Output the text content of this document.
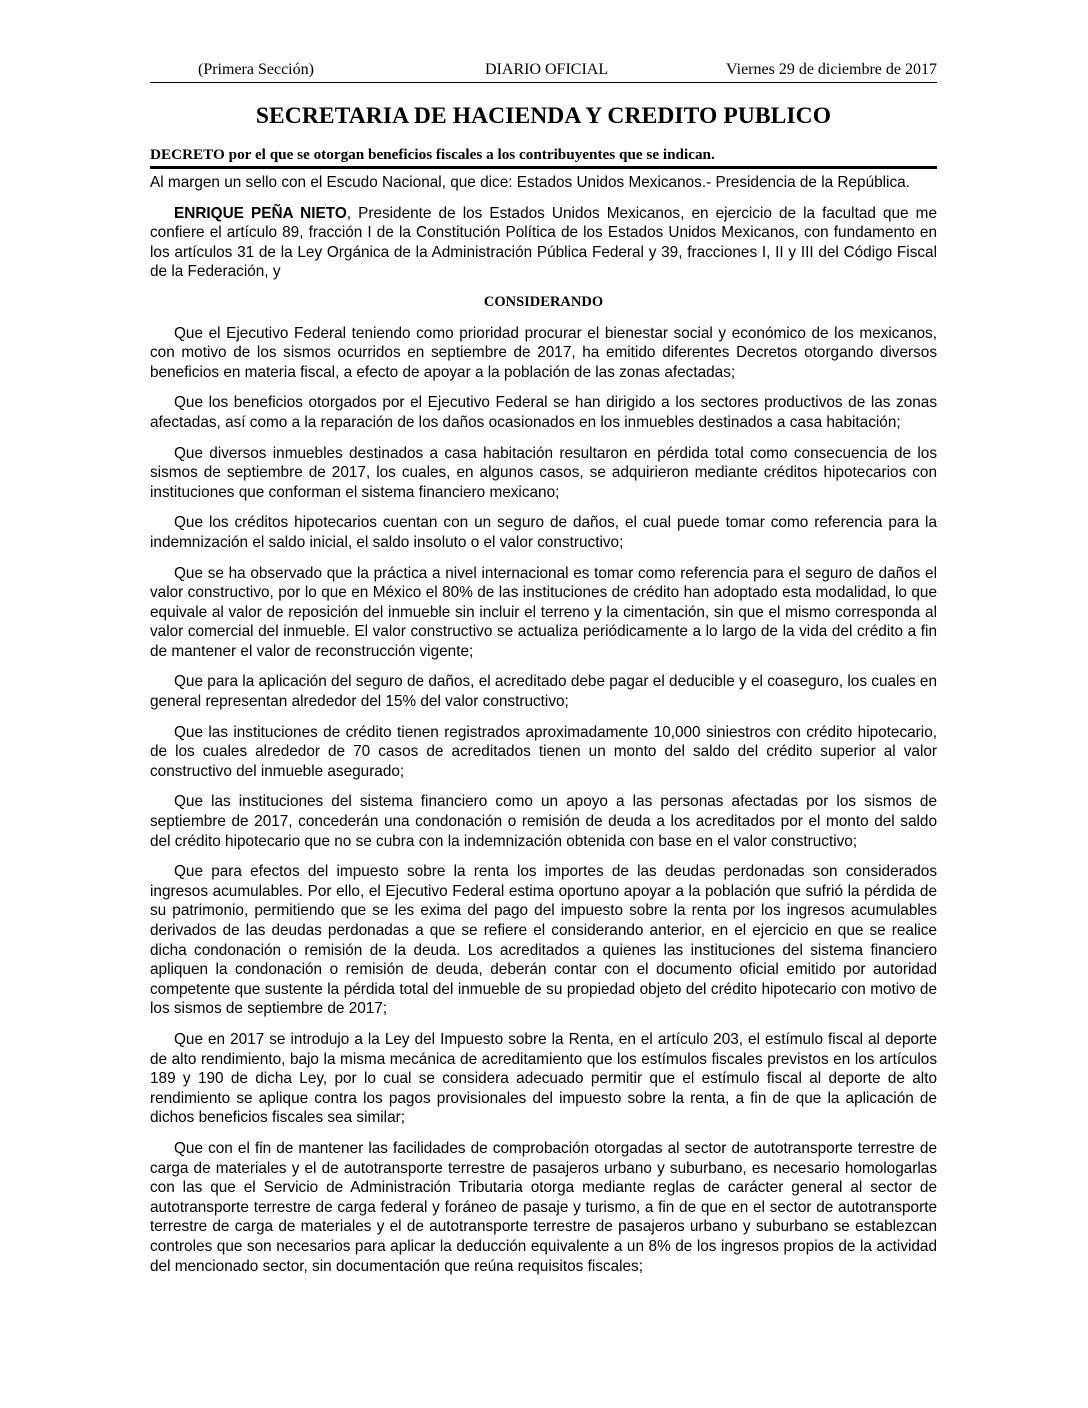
(Primera Sección)	DIARIO OFICIAL	Viernes 29 de diciembre de 2017
SECRETARIA DE HACIENDA Y CREDITO PUBLICO
DECRETO por el que se otorgan beneficios fiscales a los contribuyentes que se indican.

Al margen un sello con el Escudo Nacional, que dice: Estados Unidos Mexicanos.- Presidencia de la República.

ENRIQUE PEÑA NIETO, Presidente de los Estados Unidos Mexicanos, en ejercicio de la facultad que me confiere el artículo 89, fracción I de la Constitución Política de los Estados Unidos Mexicanos, con fundamento en los artículos 31 de la Ley Orgánica de la Administración Pública Federal y 39, fracciones I, II y III del Código Fiscal de la Federación, y

CONSIDERANDO

Que el Ejecutivo Federal teniendo como prioridad procurar el bienestar social y económico de los mexicanos, con motivo de los sismos ocurridos en septiembre de 2017, ha emitido diferentes Decretos otorgando diversos beneficios en materia fiscal, a efecto de apoyar a la población de las zonas afectadas;

Que los beneficios otorgados por el Ejecutivo Federal se han dirigido a los sectores productivos de las zonas afectadas, así como a la reparación de los daños ocasionados en los inmuebles destinados a casa habitación;

Que diversos inmuebles destinados a casa habitación resultaron en pérdida total como consecuencia de los sismos de septiembre de 2017, los cuales, en algunos casos, se adquirieron mediante créditos hipotecarios con instituciones que conforman el sistema financiero mexicano;

Que los créditos hipotecarios cuentan con un seguro de daños, el cual puede tomar como referencia para la indemnización el saldo inicial, el saldo insoluto o el valor constructivo;

Que se ha observado que la práctica a nivel internacional es tomar como referencia para el seguro de daños el valor constructivo, por lo que en México el 80% de las instituciones de crédito han adoptado esta modalidad, lo que equivale al valor de reposición del inmueble sin incluir el terreno y la cimentación, sin que el mismo corresponda al valor comercial del inmueble. El valor constructivo se actualiza periódicamente a lo largo de la vida del crédito a fin de mantener el valor de reconstrucción vigente;

Que para la aplicación del seguro de daños, el acreditado debe pagar el deducible y el coaseguro, los cuales en general representan alrededor del 15% del valor constructivo;

Que las instituciones de crédito tienen registrados aproximadamente 10,000 siniestros con crédito hipotecario, de los cuales alrededor de 70 casos de acreditados tienen un monto del saldo del crédito superior al valor constructivo del inmueble asegurado;

Que las instituciones del sistema financiero como un apoyo a las personas afectadas por los sismos de septiembre de 2017, concederán una condonación o remisión de deuda a los acreditados por el monto del saldo del crédito hipotecario que no se cubra con la indemnización obtenida con base en el valor constructivo;

Que para efectos del impuesto sobre la renta los importes de las deudas perdonadas son considerados ingresos acumulables. Por ello, el Ejecutivo Federal estima oportuno apoyar a la población que sufrió la pérdida de su patrimonio, permitiendo que se les exima del pago del impuesto sobre la renta por los ingresos acumulables derivados de las deudas perdonadas a que se refiere el considerando anterior, en el ejercicio en que se realice dicha condonación o remisión de la deuda. Los acreditados a quienes las instituciones del sistema financiero apliquen la condonación o remisión de deuda, deberán contar con el documento oficial emitido por autoridad competente que sustente la pérdida total del inmueble de su propiedad objeto del crédito hipotecario con motivo de los sismos de septiembre de 2017;

Que en 2017 se introdujo a la Ley del Impuesto sobre la Renta, en el artículo 203, el estímulo fiscal al deporte de alto rendimiento, bajo la misma mecánica de acreditamiento que los estímulos fiscales previstos en los artículos 189 y 190 de dicha Ley, por lo cual se considera adecuado permitir que el estímulo fiscal al deporte de alto rendimiento se aplique contra los pagos provisionales del impuesto sobre la renta, a fin de que la aplicación de dichos beneficios fiscales sea similar;

Que con el fin de mantener las facilidades de comprobación otorgadas al sector de autotransporte terrestre de carga de materiales y el de autotransporte terrestre de pasajeros urbano y suburbano, es necesario homologarlas con las que el Servicio de Administración Tributaria otorga mediante reglas de carácter general al sector de autotransporte terrestre de carga federal y foráneo de pasaje y turismo, a fin de que en el sector de autotransporte terrestre de carga de materiales y el de autotransporte terrestre de pasajeros urbano y suburbano se establezcan controles que son necesarios para aplicar la deducción equivalente a un 8% de los ingresos propios de la actividad del mencionado sector, sin documentación que reúna requisitos fiscales;
